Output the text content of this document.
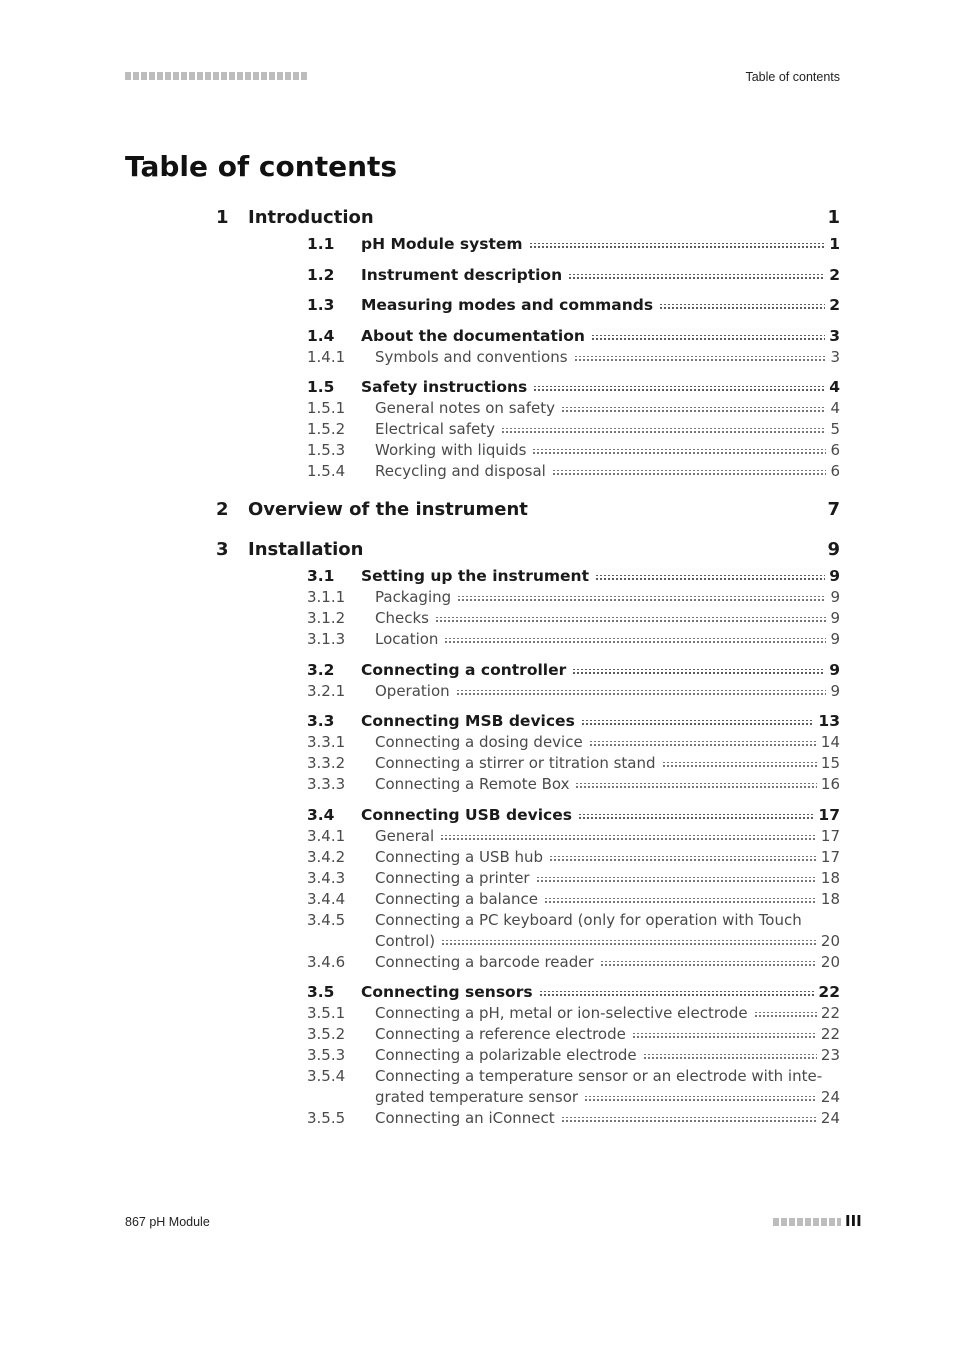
Table of contents
Table of contents
1	Introduction	1
1.1	pH Module system	1
1.2	Instrument description	2
1.3	Measuring modes and commands	2
1.4	About the documentation	3
1.4.1	Symbols and conventions	3
1.5	Safety instructions	4
1.5.1	General notes on safety	4
1.5.2	Electrical safety	5
1.5.3	Working with liquids	6
1.5.4	Recycling and disposal	6
2	Overview of the instrument	7
3	Installation	9
3.1	Setting up the instrument	9
3.1.1	Packaging	9
3.1.2	Checks	9
3.1.3	Location	9
3.2	Connecting a controller	9
3.2.1	Operation	9
3.3	Connecting MSB devices	13
3.3.1	Connecting a dosing device	14
3.3.2	Connecting a stirrer or titration stand	15
3.3.3	Connecting a Remote Box	16
3.4	Connecting USB devices	17
3.4.1	General	17
3.4.2	Connecting a USB hub	17
3.4.3	Connecting a printer	18
3.4.4	Connecting a balance	18
3.4.5	Connecting a PC keyboard (only for operation with Touch
Control)	20
3.4.6	Connecting a barcode reader	20
3.5	Connecting sensors	22
3.5.1	Connecting a pH, metal or ion-selective electrode	22
3.5.2	Connecting a reference electrode	22
3.5.3	Connecting a polarizable electrode	23
3.5.4	Connecting a temperature sensor or an electrode with inte-
grated temperature sensor	24
3.5.5	Connecting an iConnect	24
867 pH Module	III
